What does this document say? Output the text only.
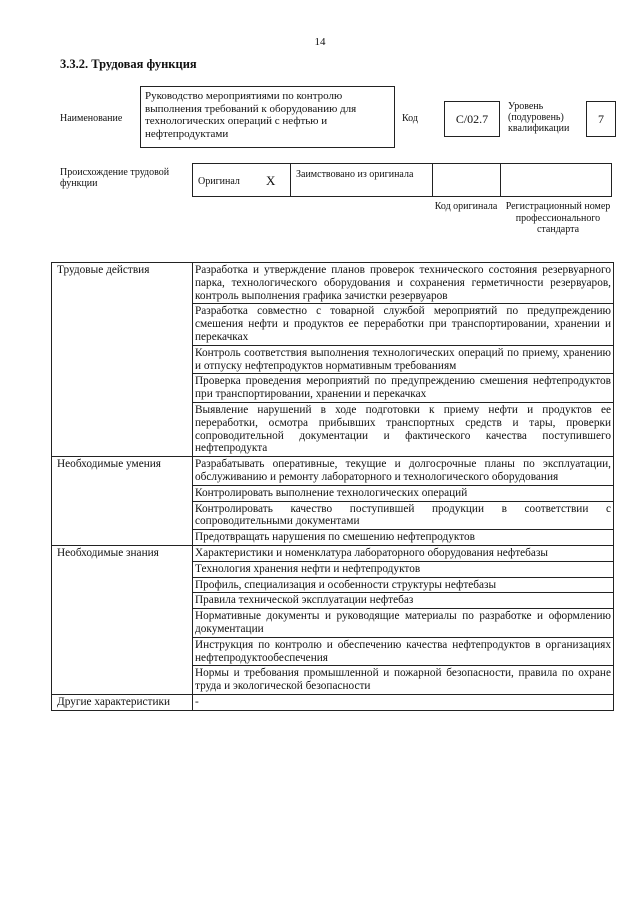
14
3.3.2. Трудовая функция
Наименование
Руководство мероприятиями по контролю выполнения требований к оборудованию для технологических операций с нефтью и нефтепродуктами
Код	C/02.7
Уровень (подуровень) квалификации
7
Происхождение трудовой функции	Оригинал X Заимствовано из оригинала
Код оригинала Регистрационный номер профессионального стандарта
Трудовые действия	Разработка и утверждение планов проверок технического состояния резервуарного парка, технологического оборудования и сохранения герметичности резервуаров, контроль выполнения графика зачистки резервуаров
	Разработка совместно с товарной службой мероприятий по предупреждению смешения нефти и продуктов ее переработки при транспортировании, хранении и перекачках
	Контроль соответствия выполнения технологических операций по приему, хранению и отпуску нефтепродуктов нормативным требованиям
	Проверка проведения мероприятий по предупреждению смешения нефтепродуктов при транспортировании, хранении и перекачках
	Выявление нарушений в ходе подготовки к приему нефти и продуктов ее переработки, осмотра прибывших транспортных средств и тары, проверки сопроводительной документации и фактического качества поступившего нефтепродукта
Необходимые умения	Разрабатывать оперативные, текущие и долгосрочные планы по эксплуатации, обслуживанию и ремонту лабораторного и технологического оборудования
	Контролировать выполнение технологических операций
	Контролировать качество поступившей продукции в соответствии с сопроводительными документами
	Предотвращать нарушения по смешению нефтепродуктов
Необходимые знания	Характеристики и номенклатура лабораторного оборудования нефтебазы
	Технология хранения нефти и нефтепродуктов
	Профиль, специализация и особенности структуры нефтебазы
	Правила технической эксплуатации нефтебаз
	Нормативные документы и руководящие материалы по разработке и оформлению документации
	Инструкция по контролю и обеспечению качества нефтепродуктов в организациях нефтепродуктообеспечения
	Нормы и требования промышленной и пожарной безопасности, правила по охране труда и экологической безопасности
Другие характеристики	-
